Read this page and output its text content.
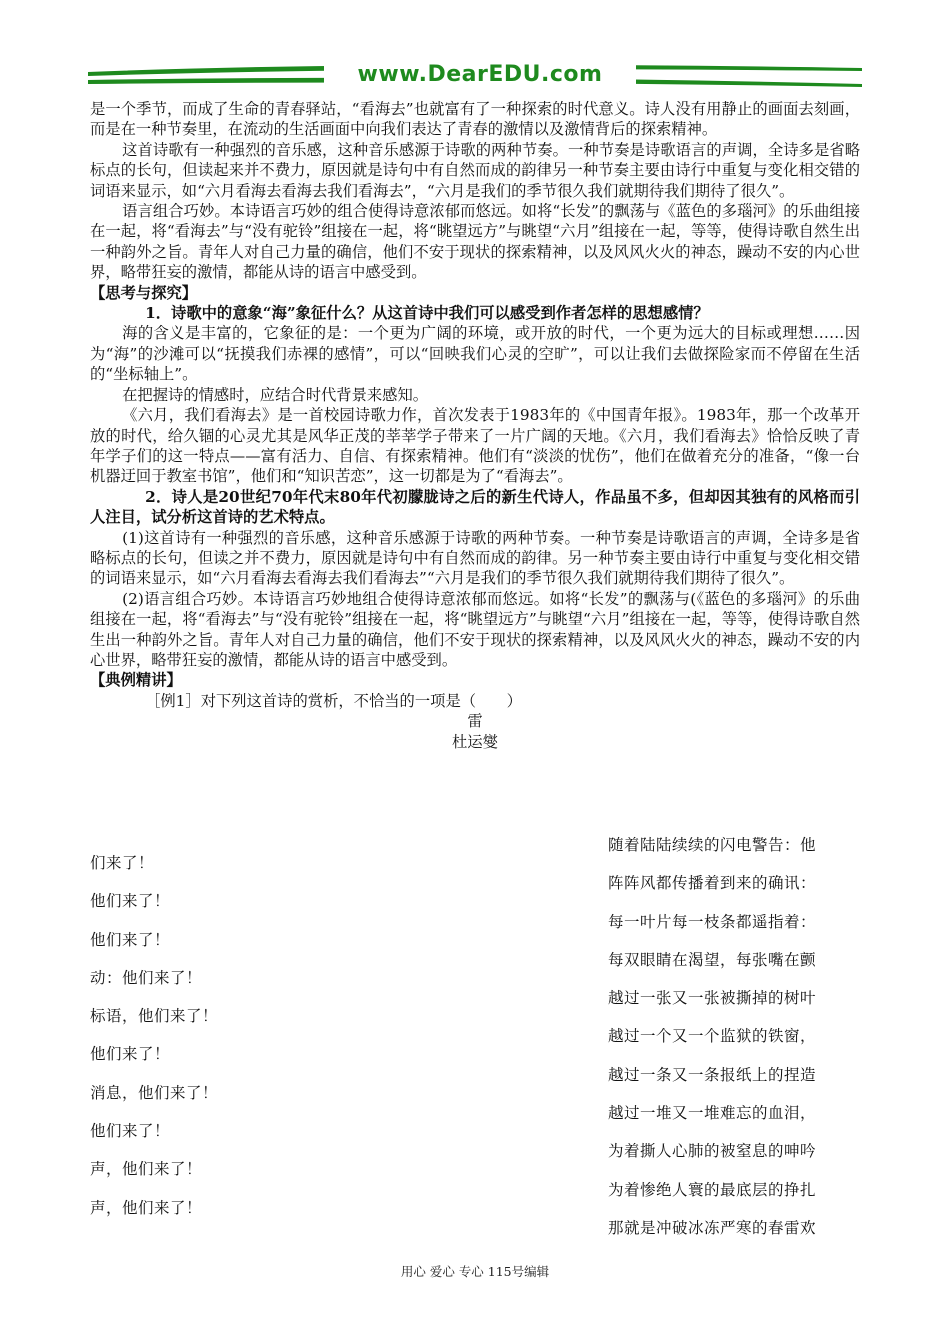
www.DearEDU.com

是一个季节，而成了生命的青春驿站，“看海去”也就富有了一种探索的时代意义。诗人没有用静止的画面去刻画，而是在一种节奏里，在流动的生活画面中向我们表达了青春的激情以及激情背后的探索精神。

这首诗歌有一种强烈的音乐感，这种音乐感源于诗歌的两种节奏。一种节奏是诗歌语言的声调，全诗多是省略标点的长句，但读起来并不费力，原因就是诗句中有自然而成的韵律另一种节奏主要由诗行中重复与变化相交错的词语来显示，如“六月看海去看海去我们看海去”，“六月是我们的季节很久我们就期待我们期待了很久”。

语言组合巧妙。本诗语言巧妙的组合使得诗意浓郁而悠远。如将“长发”的飘荡与《蓝色的多瑙河》的乐曲组接在一起，将“看海去”与“没有驼铃”组接在一起，将“眺望远方”与眺望“六月”组接在一起，等等，使得诗歌自然生出一种韵外之旨。青年人对自己力量的确信，他们不安于现状的探索精神，以及风风火火的神态，躁动不安的内心世界，略带狂妄的激情，都能从诗的语言中感受到。

【思考与探究】

1．诗歌中的意象“海”象征什么？从这首诗中我们可以感受到作者怎样的思想感情？

海的含义是丰富的，它象征的是：一个更为广阔的环境，或开放的时代，一个更为远大的目标或理想……因为“海”的沙滩可以“抚摸我们赤裸的感情”，可以“回映我们心灵的空旷”，可以让我们去做探险家而不停留在生活的“坐标轴上”。

在把握诗的情感时，应结合时代背景来感知。

《六月，我们看海去》是一首校园诗歌力作，首次发表于1983年的《中国青年报》。1983年，那一个改革开放的时代，给久锢的心灵尤其是风华正茂的莘莘学子带来了一片广阔的天地。《六月，我们看海去》恰恰反映了青年学子们的这一特点——富有活力、自信、有探索精神。他们有“淡淡的忧伤”，他们在做着充分的准备，“像一台机器迂回于教室书馆”，他们和“知识苦恋”，这一切都是为了“看海去”。

2．诗人是20世纪70年代末80年代初朦胧诗之后的新生代诗人，作品虽不多，但却因其独有的风格而引人注目，试分析这首诗的艺术特点。

(1)这首诗有一种强烈的音乐感，这种音乐感源于诗歌的两种节奏。一种节奏是诗歌语言的声调，全诗多是省略标点的长句，但读之并不费力，原因就是诗句中有自然而成的韵律。另一种节奏主要由诗行中重复与变化相交错的词语来显示，如“六月看海去看海去我们看海去”“六月是我们的季节很久我们就期待我们期待了很久”。

(2)语言组合巧妙。本诗语言巧妙地组合使得诗意浓郁而悠远。如将“长发”的飘荡与(《蓝色的多瑙河》的乐曲组接在一起，将“看海去”与“没有驼铃”组接在一起，将“眺望远方”与眺望“六月”组接在一起，等等，使得诗歌自然生出一种韵外之旨。青年人对自己力量的确信，他们不安于现状的探索精神，以及风风火火的神态，躁动不安的内心世界，略带狂妄的激情，都能从诗的语言中感受到。

【典例精讲】

［例1］对下列这首诗的赏析，不恰当的一项是（　　）

雷

杜运燮

们来了！
他们来了！
他们来了！
动：他们来了！
标语，他们来了！
他们来了！
消息，他们来了！
他们来了！
声，他们来了！
声，他们来了！
随着陆陆续续的闪电警告：他
阵阵风都传播着到来的确讯：
每一叶片每一枝条都遥指着：
每双眼睛在渴望，每张嘴在颤
越过一张又一张被撕掉的树叶
越过一个又一个监狱的铁窗，
越过一条又一条报纸上的捏造
越过一堆又一堆难忘的血泪，
为着撕人心肺的被窒息的呻吟
为着惨绝人寰的最底层的挣扎
那就是冲破冰冻严寒的春雷欢
用心 爱心 专心 115号编辑
